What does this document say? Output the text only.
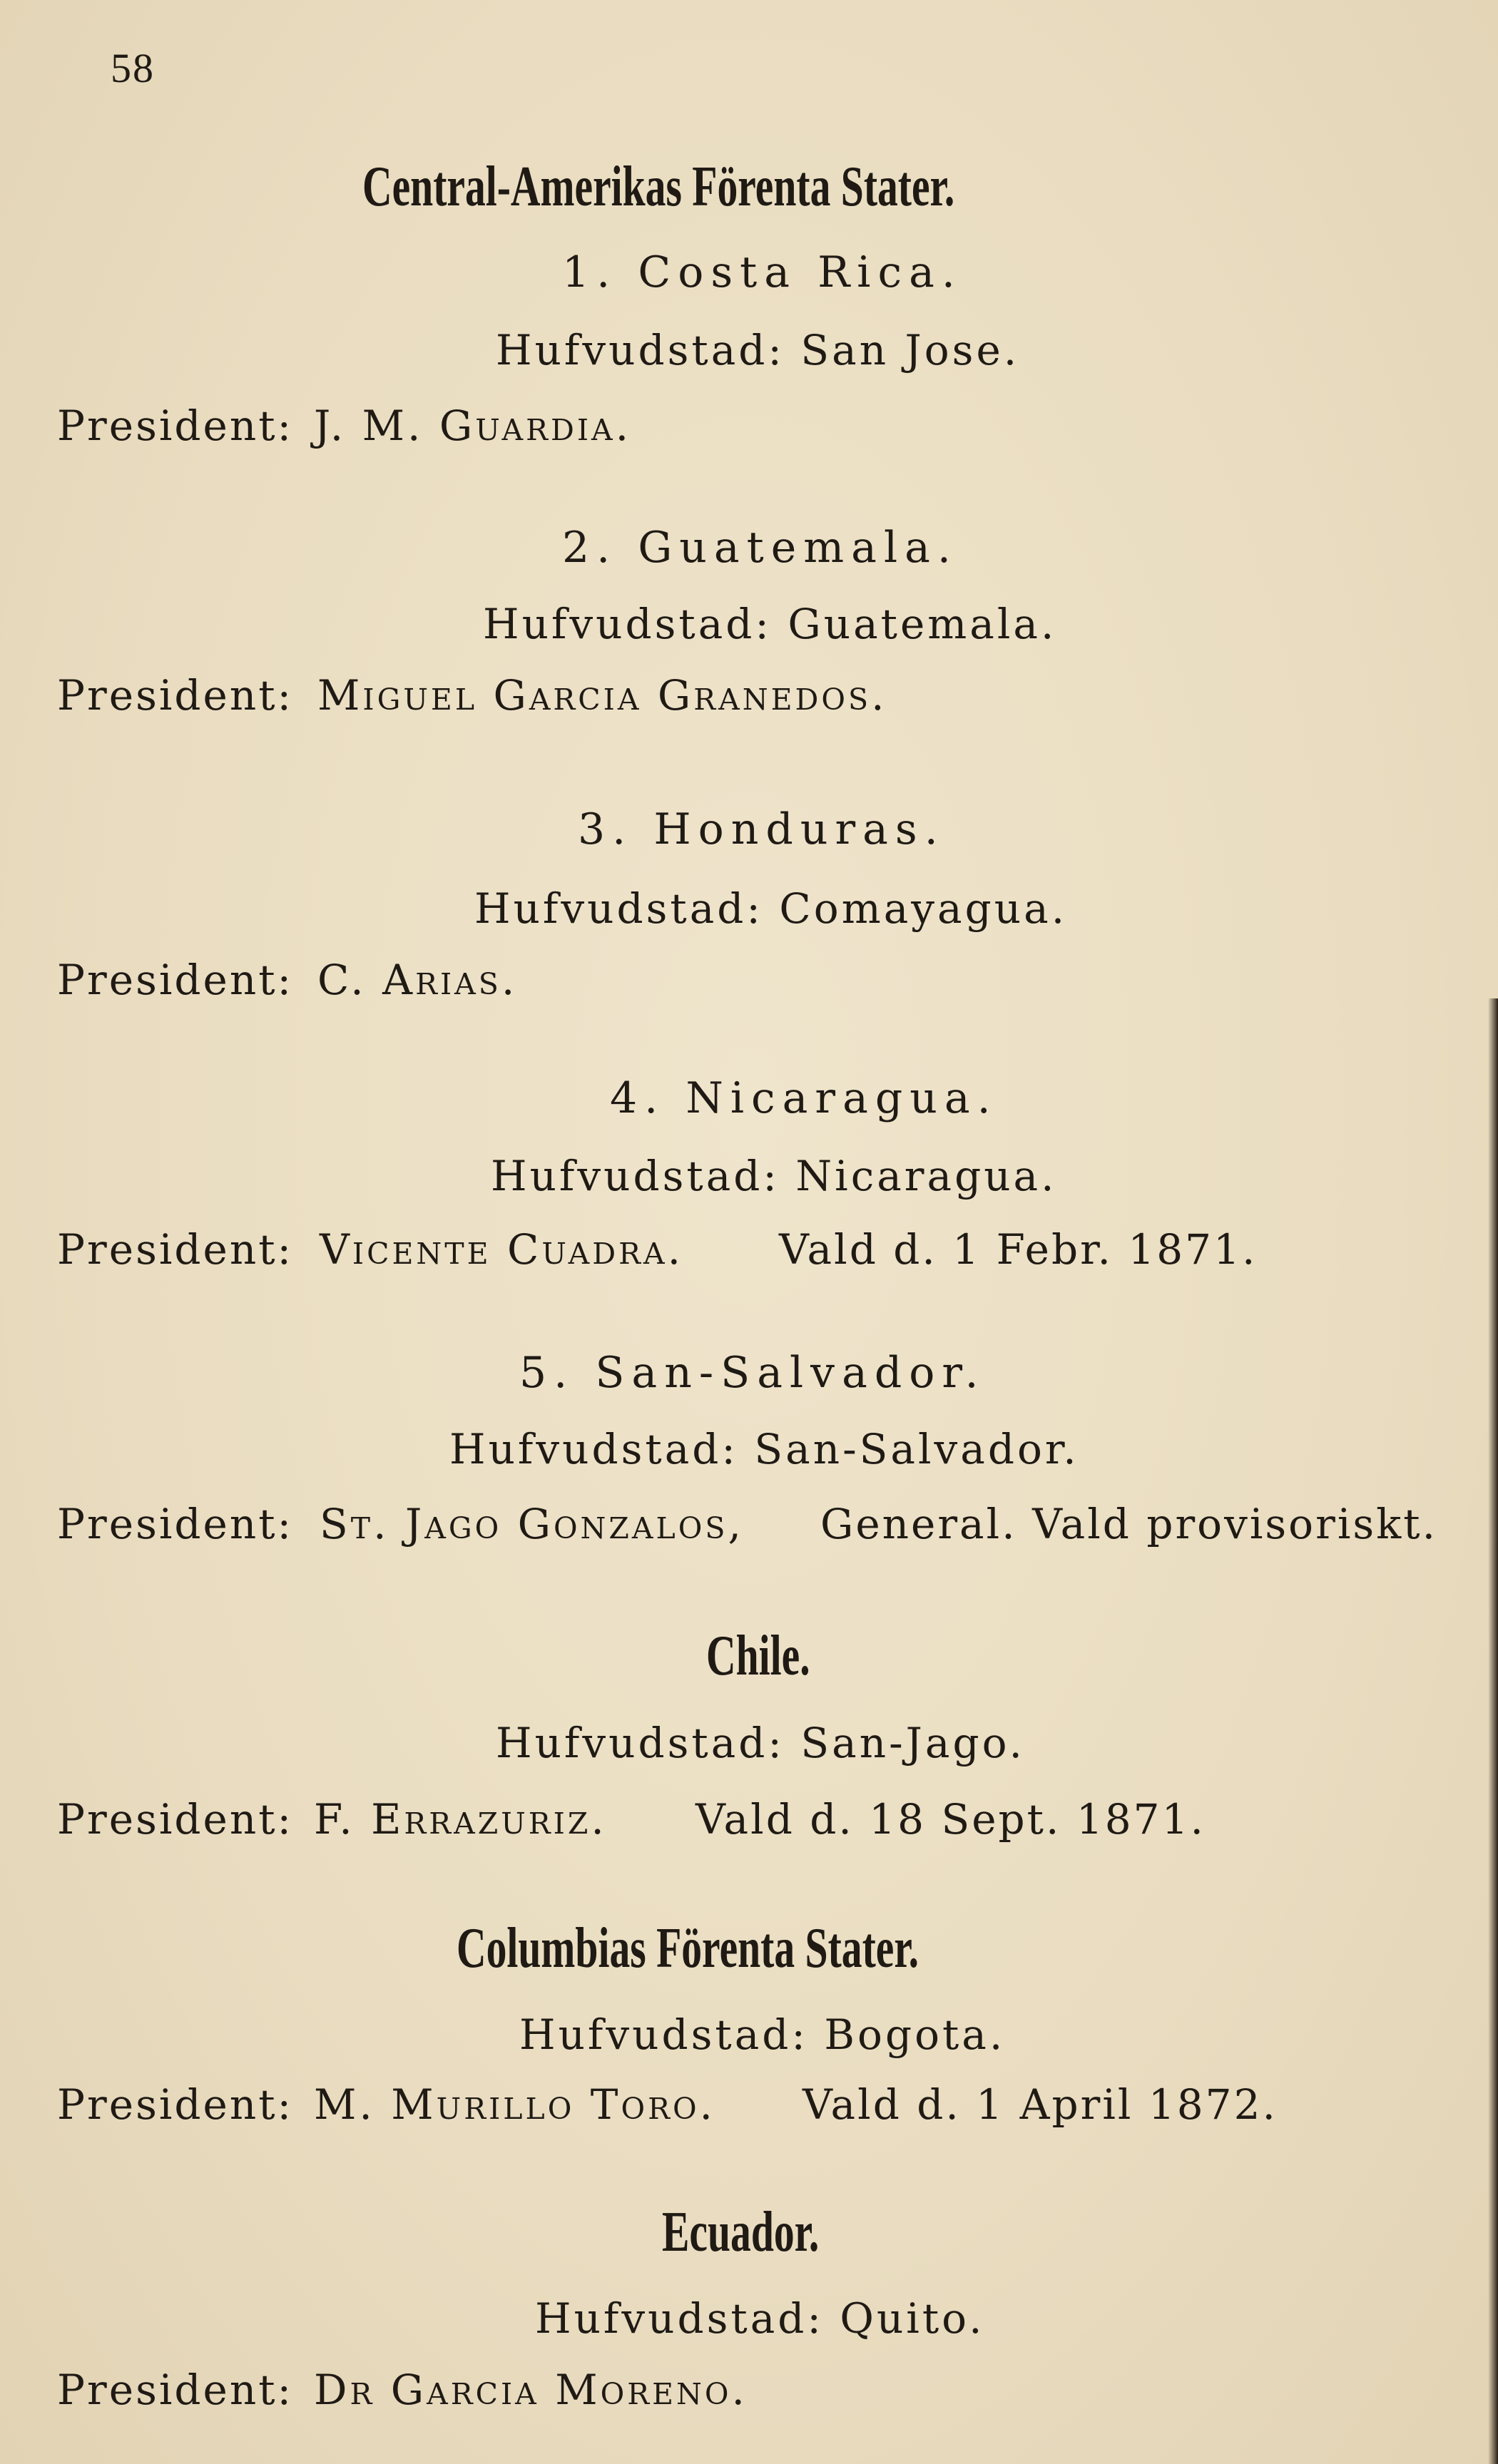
58
Central-Amerikas Förenta Stater.
1. Costa Rica.
Hufvudstad: San Jose.
President: J. M. Guardia.
2. Guatemala.
Hufvudstad: Guatemala.
President: Miguel Garcia Granedos.
3. Honduras.
Hufvudstad: Comayagua.
President: C. Arias.
4. Nicaragua.
Hufvudstad: Nicaragua.
President: Vicente Cuadra. Vald d. 1 Febr. 1871.
5. San-Salvador.
Hufvudstad: San-Salvador.
President: St. Jago Gonzalos, General. Vald provisoriskt.
Chile.
Hufvudstad: San-Jago.
President: F. Errazuriz. Vald d. 18 Sept. 1871.
Columbias Förenta Stater.
Hufvudstad: Bogota.
President: M. Murillo Toro. Vald d. 1 April 1872.
Ecuador.
Hufvudstad: Quito.
President: Dr Garcia Moreno.
